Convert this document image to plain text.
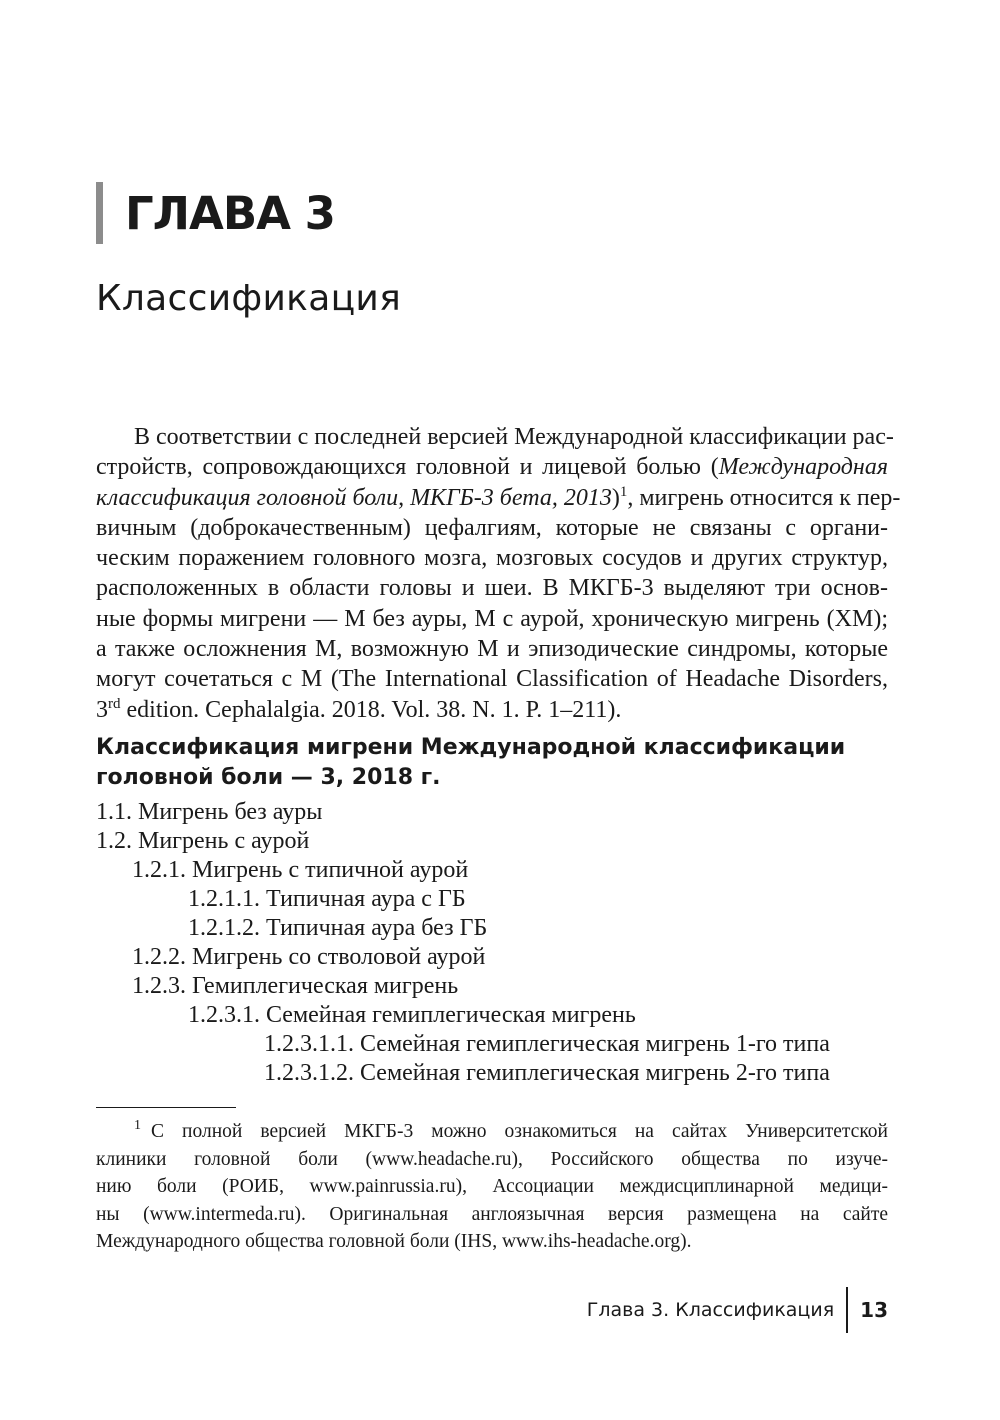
ГЛАВА 3
Классификация
В соответствии с последней версией Международной классификации рас-
стройств, сопровождающихся головной и лицевой болью (Международная
классификация головной боли, МКГБ-3 бета, 2013)$^1$, мигрень относится к пер-
вичным (доброкачественным) цефалгиям, которые не связаны с органи-
ческим поражением головного мозга, мозговых сосудов и других структур,
расположенных в области головы и шеи. В МКГБ-3 выделяют три основ-
ные формы мигрени — М без ауры, М с аурой, хроническую мигрень (ХМ);
а также осложнения М, возможную М и эпизодические синдромы, которые
могут сочетаться с М (The International Classification of Headache Disorders,
3rd edition. Cephalalgia. 2018. Vol. 38. N. 1. P. 1–211).
Классификация мигрени Международной классификации
головной боли — 3, 2018 г.
1.1. Мигрень без ауры
1.2. Мигрень с аурой
1.2.1. Мигрень с типичной аурой
1.2.1.1. Типичная аура с ГБ
1.2.1.2. Типичная аура без ГБ
1.2.2. Мигрень со стволовой аурой
1.2.3. Гемиплегическая мигрень
1.2.3.1. Семейная гемиплегическая мигрень
1.2.3.1.1. Семейная гемиплегическая мигрень 1-го типа
1.2.3.1.2. Семейная гемиплегическая мигрень 2-го типа
$^1$ С полной версией МКГБ-3 можно ознакомиться на сайтах Университетской
клиники головной боли (www.headache.ru), Российского общества по изуче-
нию боли (РОИБ, www.painrussia.ru), Ассоциации междисциплинарной медици-
ны (www.intermeda.ru). Оригинальная англоязычная версия размещена на сайте
Международного общества головной боли (IHS, www.ihs-headache.org).
Глава 3. Классификация	13
